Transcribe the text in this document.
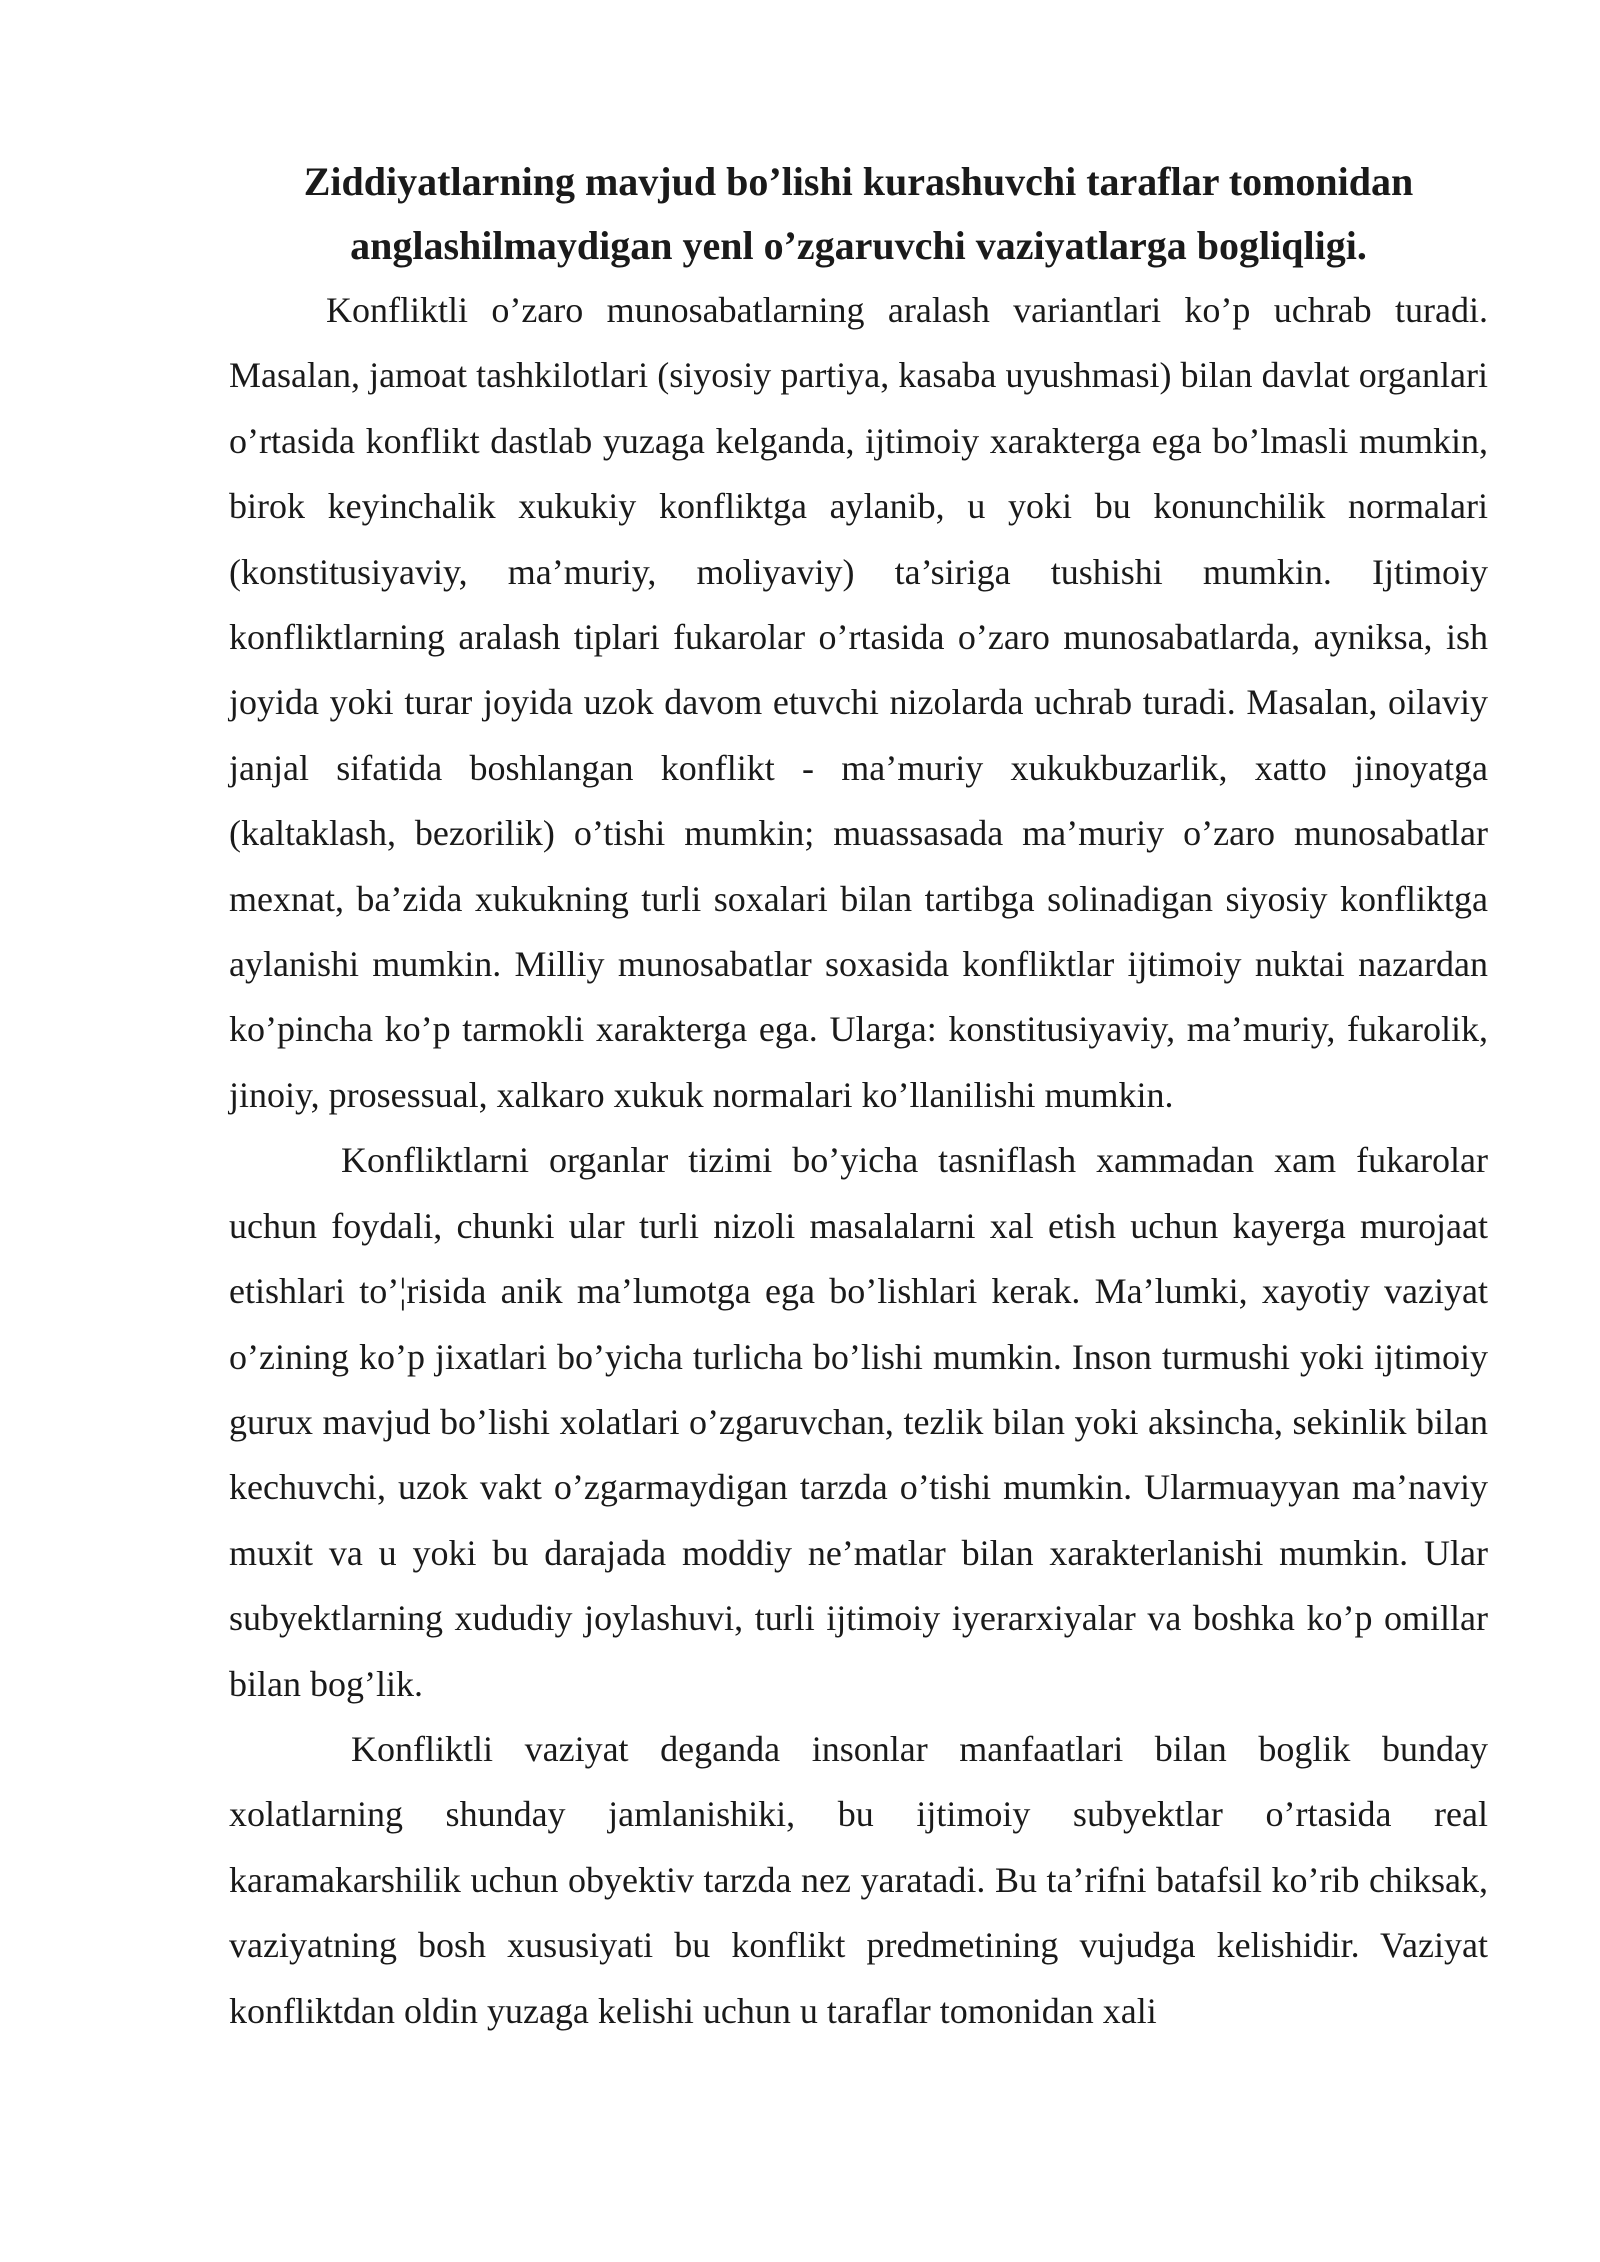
Ziddiyatlarning mavjud bo’lishi kurashuvchi taraflar tomonidan
anglashilmaydigan yenl o’zgaruvchi vaziyatlarga bogliqligi.

Konfliktli o’zaro munosabatlarning aralash variantlari ko’p uchrab turadi. Masalan, jamoat tashkilotlari (siyosiy partiya, kasaba uyushmasi) bilan davlat organlari o’rtasida konflikt dastlab yuzaga kelganda, ijtimoiy xarakterga ega bo’lmasli mumkin, birok keyinchalik xukukiy konfliktga aylanib, u yoki bu konunchilik normalari (konstitusiyaviy, ma’muriy, moliyaviy) ta’siriga tushishi mumkin. Ijtimoiy konfliktlarning aralash tiplari fukarolar o’rtasida o’zaro munosabatlarda, ayniksa, ish joyida yoki turar joyida uzok davom etuvchi nizolarda uchrab turadi. Masalan, oilaviy janjal sifatida boshlangan konflikt - ma’muriy xukukbuzarlik, xatto jinoyatga (kaltaklash, bezorilik) o’tishi mumkin; muassasada ma’muriy o’zaro munosabatlar mexnat, ba’zida xukukning turli soxalari bilan tartibga solinadigan siyosiy konfliktga aylanishi mumkin. Milliy munosabatlar soxasida konfliktlar ijtimoiy nuktai nazardan ko’pincha ko’p tarmokli xarakterga ega. Ularga: konstitusiyaviy, ma’muriy, fukarolik, jinoiy, prosessual, xalkaro xukuk normalari ko’llanilishi mumkin.

Konfliktlarni organlar tizimi bo’yicha tasniflash xammadan xam fukarolar uchun foydali, chunki ular turli nizoli masalalarni xal etish uchun kayerga murojaat etishlari to’¦risida anik ma’lumotga ega bo’lishlari kerak. Ma’lumki, xayotiy vaziyat o’zining ko’p jixatlari bo’yicha turlicha bo’lishi mumkin. Inson turmushi yoki ijtimoiy gurux mavjud bo’lishi xolatlari o’zgaruvchan, tezlik bilan yoki aksincha, sekinlik bilan kechuvchi, uzok vakt o’zgarmaydigan tarzda o’tishi mumkin. Ularmuayyan ma’naviy muxit va u yoki bu darajada moddiy ne’matlar bilan xarakterlanishi mumkin. Ular subyektlarning xududiy joylashuvi, turli ijtimoiy iyerarxiyalar va boshka ko’p omillar bilan bog’lik.

Konfliktli vaziyat deganda insonlar manfaatlari bilan boglik bunday xolatlarning shunday jamlanishiki, bu ijtimoiy subyektlar o’rtasida real karamakarshilik uchun obyektiv tarzda nez yaratadi. Bu ta’rifni batafsil ko’rib chiksak, vaziyatning bosh xususiyati bu konflikt predmetining vujudga kelishidir. Vaziyat konfliktdan oldin yuzaga kelishi uchun u taraflar tomonidan xali
